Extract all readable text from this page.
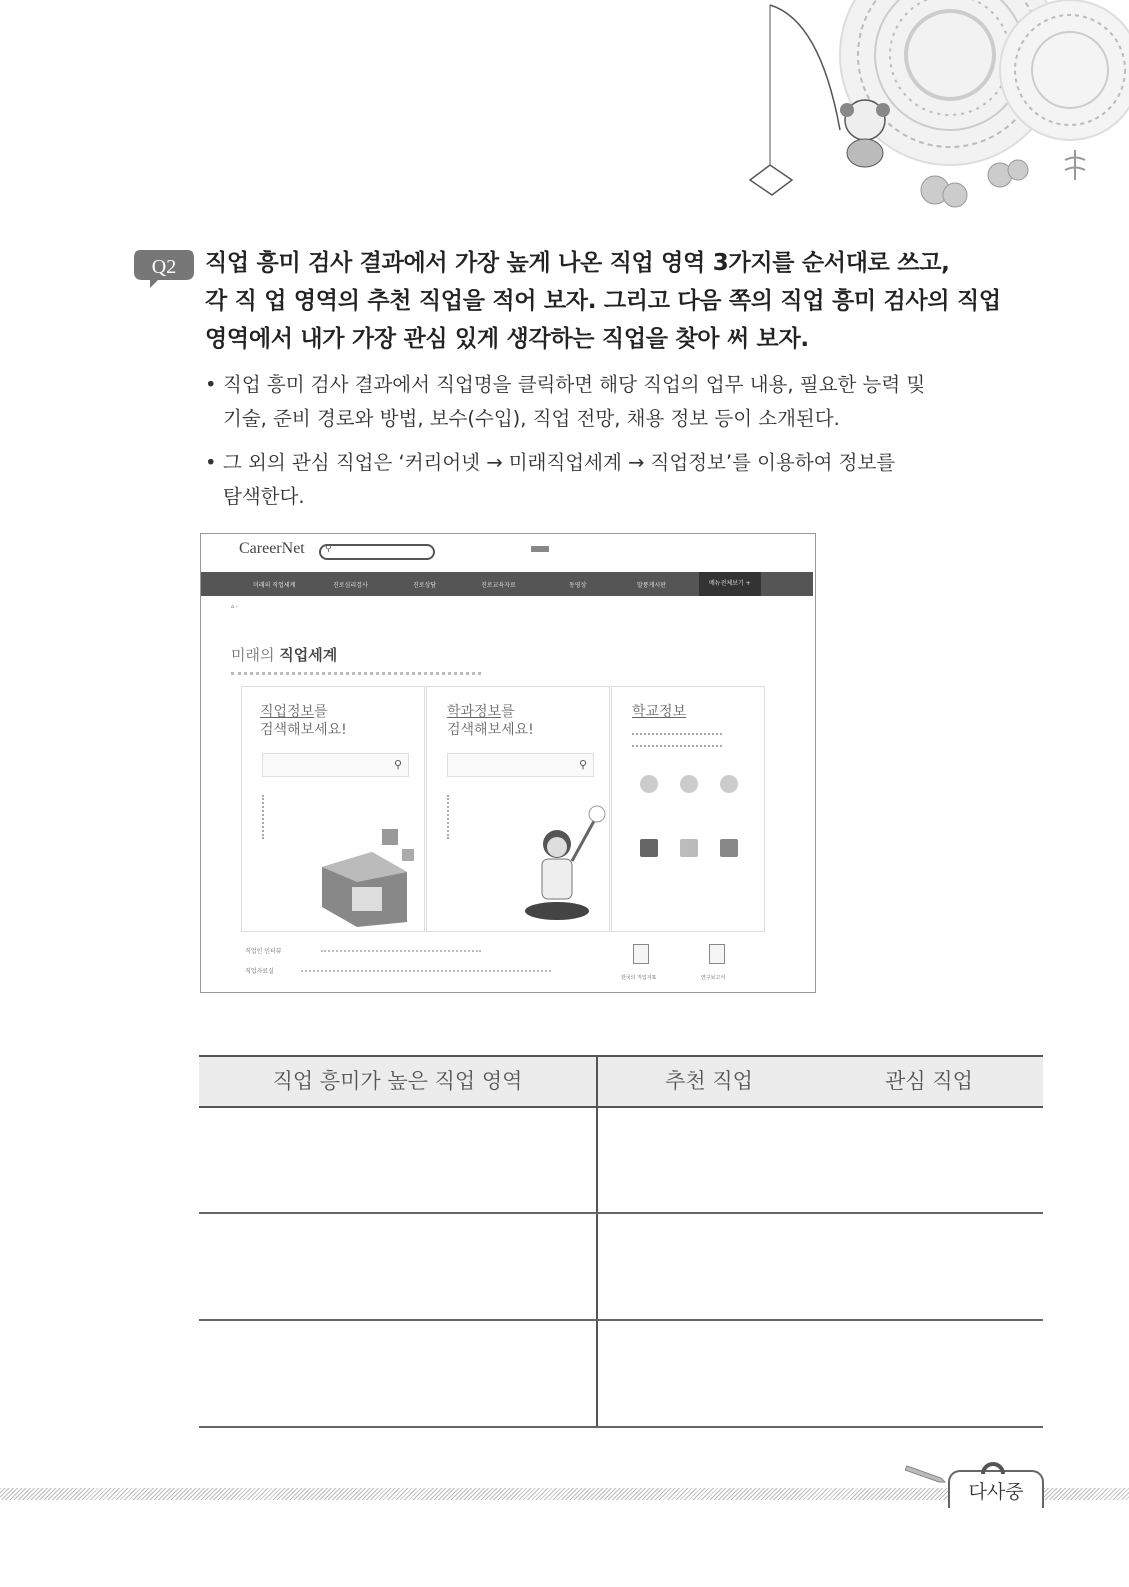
Q2 직업 흥미 검사 결과에서 가장 높게 나온 직업 영역 3가지를 순서대로 쓰고,
각 직 업 영역의 추천 직업을 적어 보자. 그리고 다음 쪽의 직업 흥미 검사의 직업
영역에서 내가 가장 관심 있게 생각하는 직업을 찾아 써 보자.
• 직업 흥미 검사 결과에서 직업명을 클릭하면 해당 직업의 업무 내용, 필요한 능력 및
기술, 준비 경로와 방법, 보수(수입), 직업 전망, 채용 정보 등이 소개된다.
• 그 외의 관심 직업은 ‘커리어넷 → 미래직업세계 → 직업정보’를 이용하여 정보를
탐색한다.
CareerNet ⚲

미래의 직업세계	진로심리검사	진로상담	진로교육자료	동영상	말풍게시판	메뉴전체보기 +
⌂ ›
미래의 직업세계
직업정보를
검색해보세요!
⚲
학과정보를
검색해보세요!
⚲
학교정보
직업인 인터뷰
직업자료실
한국의 직업지표	연구보고서
직업 흥미가 높은 직업 영역	추천 직업	관심 직업
다사중
